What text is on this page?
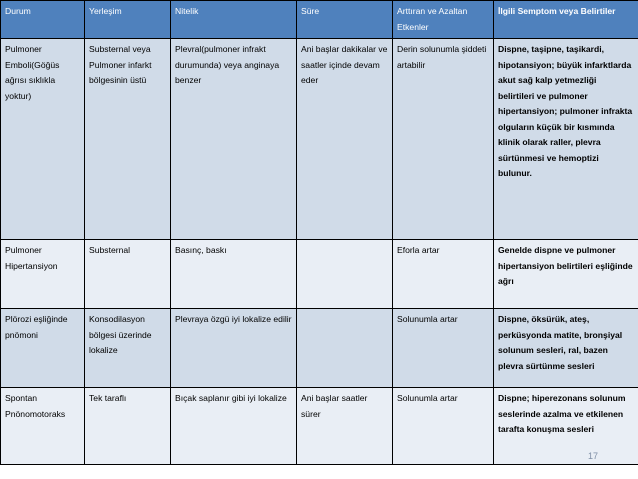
Durum	Yerleşim	Nitelik	Süre	Arttıran ve Azaltan Etkenler	İlgili Semptom veya Belirtiler
Pulmoner Emboli(Göğüs ağrısı sıklıkla yoktur)	Substernal veya Pulmoner infarkt bölgesinin üstü	Plevral(pulmoner infrakt durumunda) veya anginaya benzer	Ani başlar dakikalar ve saatler içinde devam eder	Derin solunumla şiddeti artabilir	Dispne, taşipne, taşikardi, hipotansiyon; büyük infarktlarda akut sağ kalp yetmezliği belirtileri ve pulmoner hipertansiyon; pulmoner infrakta olguların küçük bir kısmında klinik olarak raller, plevra sürtünmesi ve hemoptizi bulunur.
Pulmoner Hipertansiyon	Substernal	Basınç, baskı		Eforla artar	Genelde dispne ve pulmoner hipertansiyon belirtileri eşliğinde ağrı
Plörozi eşliğinde pnömoni	Konsodilasyon bölgesi üzerinde lokalize	Plevraya özgü iyi lokalize edilir		Solunumla artar	Dispne, öksürük, ateş, perküsyonda matite, bronşiyal solunum sesleri, ral, bazen plevra sürtünme sesleri
Spontan Pnönomotoraks	Tek taraflı	Bıçak saplanır gibi iyi lokalize	Ani başlar saatler sürer	Solunumla artar	Dispne; hiperezonans solunum seslerinde azalma ve etkilenen tarafta konuşma sesleri
17
